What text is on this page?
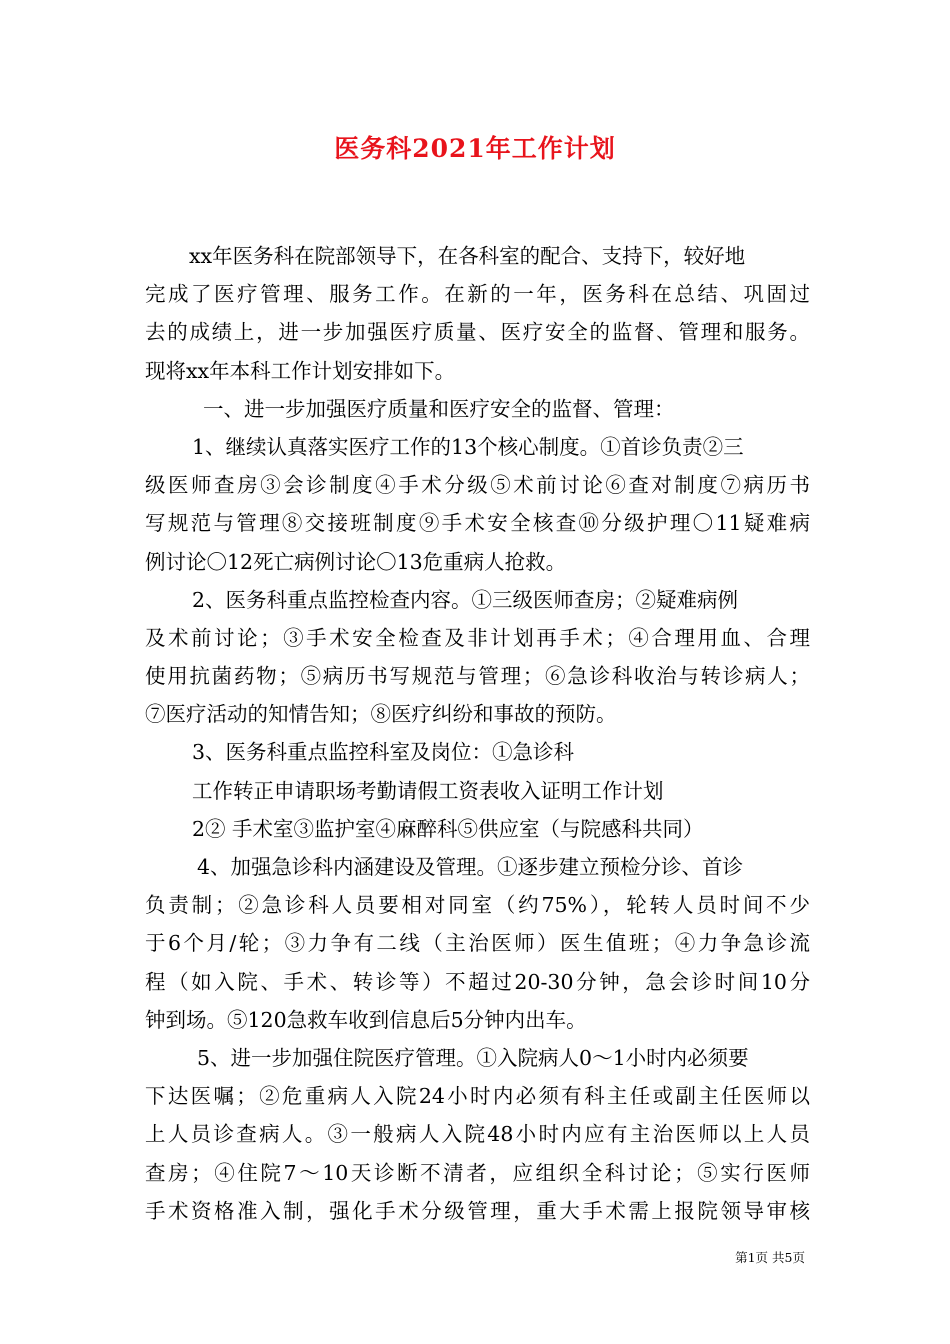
医务科2021年工作计划
xx年医务科在院部领导下，在各科室的配合、支持下，较好地
完成了医疗管理、服务工作。在新的一年，医务科在总结、巩固过
去的成绩上，进一步加强医疗质量、医疗安全的监督、管理和服务。
现将xx年本科工作计划安排如下。
一、进一步加强医疗质量和医疗安全的监督、管理：
1、继续认真落实医疗工作的13个核心制度。①首诊负责②三
级医师查房③会诊制度④手术分级⑤术前讨论⑥查对制度⑦病历书
写规范与管理⑧交接班制度⑨手术安全核查⑩分级护理〇11疑难病
例讨论〇12死亡病例讨论〇13危重病人抢救。
2、医务科重点监控检查内容。①三级医师查房；②疑难病例
及术前讨论；③手术安全检查及非计划再手术；④合理用血、合理
使用抗菌药物；⑤病历书写规范与管理；⑥急诊科收治与转诊病人；
⑦医疗活动的知情告知；⑧医疗纠纷和事故的预防。
3、医务科重点监控科室及岗位：①急诊科
工作转正申请职场考勤请假工资表收入证明工作计划
2② 手术室③监护室④麻醉科⑤供应室（与院感科共同）
4、加强急诊科内涵建设及管理。①逐步建立预检分诊、首诊
负责制；②急诊科人员要相对同室（约75%），轮转人员时间不少
于6个月/轮；③力争有二线（主治医师）医生值班；④力争急诊流
程（如入院、手术、转诊等）不超过20-30分钟，急会诊时间10分
钟到场。⑤120急救车收到信息后5分钟内出车。
5、进一步加强住院医疗管理。①入院病人0～1小时内必须要
下达医嘱；②危重病人入院24小时内必须有科主任或副主任医师以
上人员诊查病人。③一般病人入院48小时内应有主治医师以上人员
查房；④住院7～10天诊断不清者，应组织全科讨论；⑤实行医师
手术资格准入制，强化手术分级管理，重大手术需上报院领导审核
第1页 共5页
